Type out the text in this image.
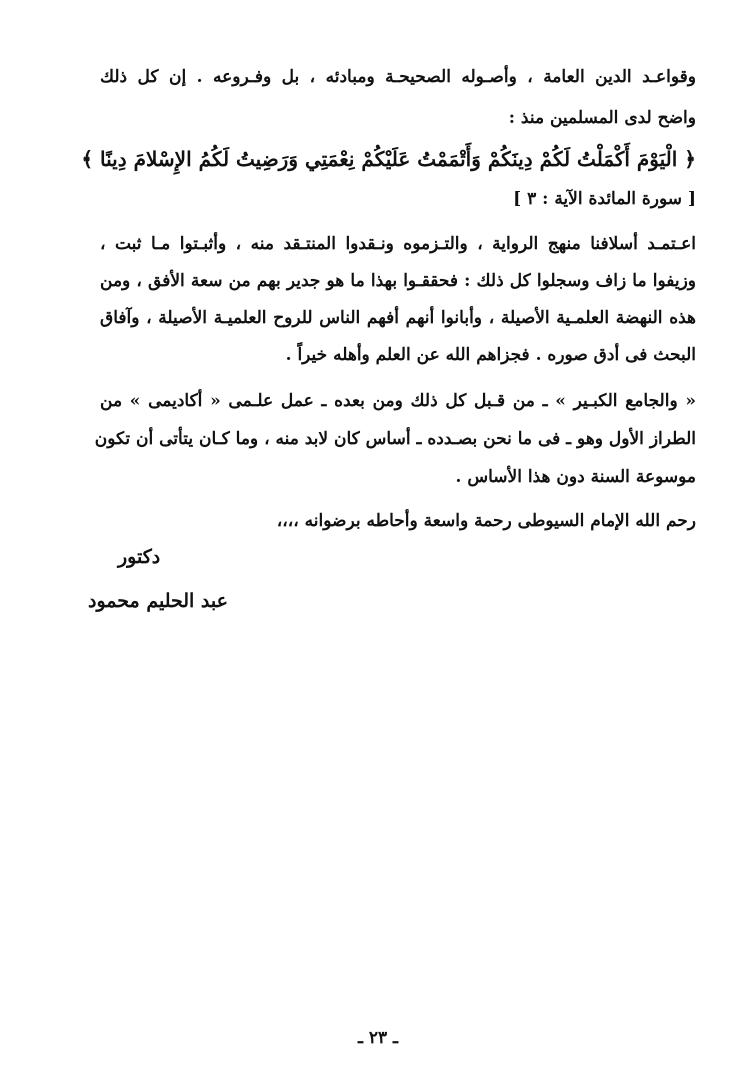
وقواعـد الدين العامة ، وأصـوله الصحيحـة ومبادئه ، بل وفـروعه . إن كل ذلك
واضح لدى المسلمين منذ :
﴿ الْيَوْمَ أَكْمَلْتُ لَكُمْ دِينَكُمْ وَأَتْمَمْتُ عَلَيْكُمْ نِعْمَتِي وَرَضِيتُ لَكُمُ الإِسْلامَ دِينًا ﴾
[ سورة المائدة الآية : ٣ ]
اعـتمـد أسلافنا منهج الرواية ، والتـزموه ونـقدوا المنتـقد منه ، وأثبـتوا مـا ثبت ،
وزيفوا ما زاف وسجلوا كل ذلك : فحققـوا بهذا ما هو جدير بهم من سعة الأفق ، ومن
هذه النهضة العلمـية الأصيلة ، وأبانوا أنهم أفهم الناس للروح العلميـة الأصيلة ، وآفاق
البحث فى أدق صوره . فجزاهم الله عن العلم وأهله خيراً .
« والجامع الكبـير » ـ من قـبل كل ذلك ومن بعده ـ عمل علـمى « أكاديمى » من
الطراز الأول وهو ـ فى ما نحن بصـدده ـ أساس كان لابد منه ، وما كـان يتأتى أن تكون
موسوعة السنة دون هذا الأساس .
رحم الله الإمام السيوطى رحمة واسعة وأحاطه برضوانه ،،،،
دكتور
عبد الحليم محمود
ـ ٢٣ ـ
